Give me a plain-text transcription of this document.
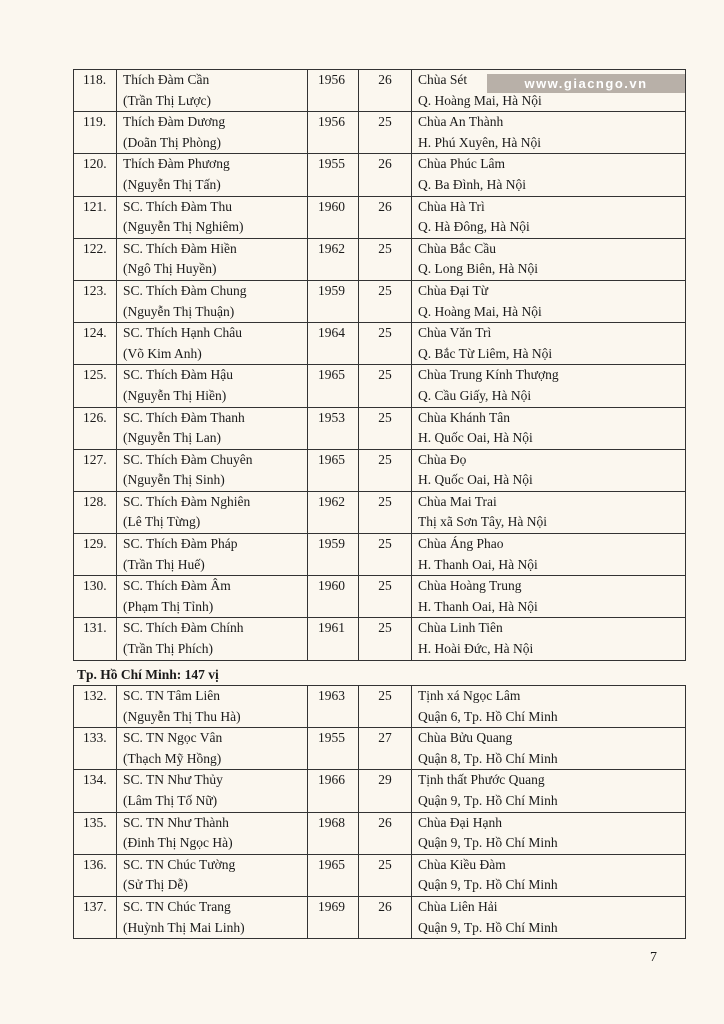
118.	Thích Đàm Cần
(Trần Thị Lược)	1956	26	Chùa Sét
Q. Hoàng Mai, Hà Nội

119.	Thích Đàm Dương
(Doãn Thị Phòng)	1956	25	Chùa An Thành
H. Phú Xuyên, Hà Nội

120.	Thích Đàm Phương
(Nguyễn Thị Tấn)	1955	26	Chùa Phúc Lâm
Q. Ba Đình, Hà Nội

121.	SC. Thích Đàm Thu
(Nguyễn Thị Nghiêm)	1960	26	Chùa Hà Trì
Q. Hà Đông, Hà Nội

122.	SC. Thích Đàm Hiền
(Ngô Thị Huyền)	1962	25	Chùa Bắc Cầu
Q. Long Biên, Hà Nội

123.	SC. Thích Đàm Chung
(Nguyễn Thị Thuận)	1959	25	Chùa Đại Từ
Q. Hoàng Mai, Hà Nội

124.	SC. Thích Hạnh Châu
(Võ Kim Anh)	1964	25	Chùa Văn Trì
Q. Bắc Từ Liêm, Hà Nội

125.	SC. Thích Đàm Hậu
(Nguyễn Thị Hiền)	1965	25	Chùa Trung Kính Thượng
Q. Cầu Giấy, Hà Nội

126.	SC. Thích Đàm Thanh
(Nguyễn Thị Lan)	1953	25	Chùa Khánh Tân
H. Quốc Oai, Hà Nội

127.	SC. Thích Đàm Chuyên
(Nguyễn Thị Sinh)	1965	25	Chùa Đọ
H. Quốc Oai, Hà Nội

128.	SC. Thích Đàm Nghiên
(Lê Thị Từng)	1962	25	Chùa Mai Trai
Thị xã Sơn Tây, Hà Nội

129.	SC. Thích Đàm Pháp
(Trần Thị Huế)	1959	25	Chùa Áng Phao
H. Thanh Oai, Hà Nội

130.	SC. Thích Đàm Âm
(Phạm Thị Tỉnh)	1960	25	Chùa Hoàng Trung
H. Thanh Oai, Hà Nội

131.	SC. Thích Đàm Chính
(Trần Thị Phích)	1961	25	Chùa Linh Tiên
H. Hoài Đức, Hà Nội
Tp. Hồ Chí Minh: 147 vị
132.	SC. TN Tâm Liên
(Nguyễn Thị Thu Hà)	1963	25	Tịnh xá Ngọc Lâm
Quận 6, Tp. Hồ Chí Minh

133.	SC. TN Ngọc Vân
(Thạch Mỹ Hồng)	1955	27	Chùa Bửu Quang
Quận 8, Tp. Hồ Chí Minh

134.	SC. TN Như Thủy
(Lâm Thị Tố Nữ)	1966	29	Tịnh thất Phước Quang
Quận 9, Tp. Hồ Chí Minh

135.	SC. TN Như Thành
(Đinh Thị Ngọc Hà)	1968	26	Chùa Đại Hạnh
Quận 9, Tp. Hồ Chí Minh

136.	SC. TN Chúc Tường
(Sử Thị Dễ)	1965	25	Chùa Kiều Đàm
Quận 9, Tp. Hồ Chí Minh

137.	SC. TN Chúc Trang
(Huỳnh Thị Mai Linh)	1969	26	Chùa Liên Hải
Quận 9, Tp. Hồ Chí Minh
www.giacngo.vn
7
